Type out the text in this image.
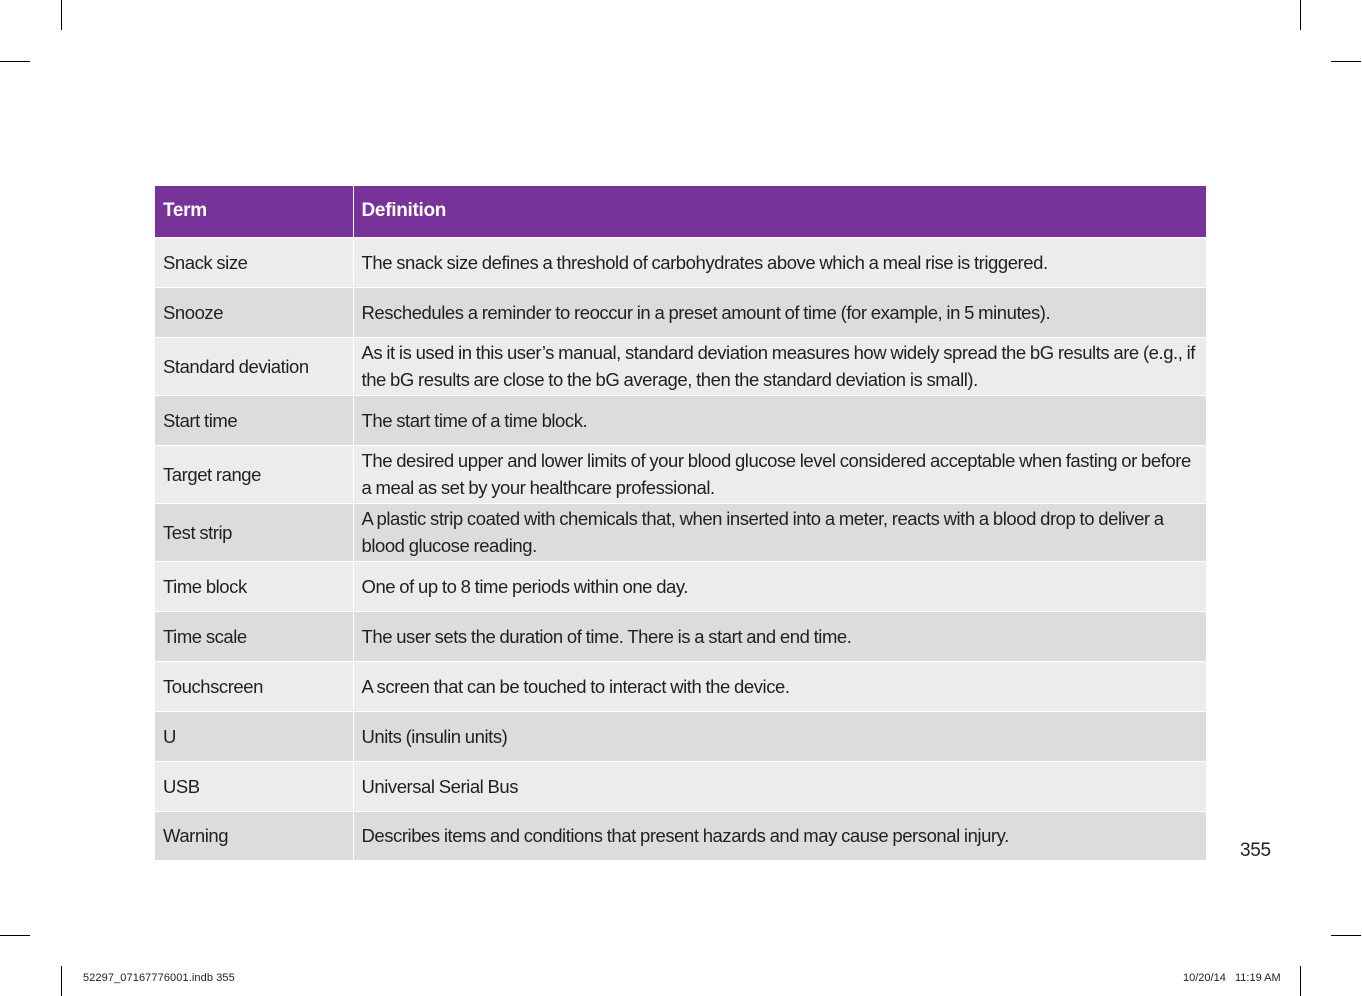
Term	Definition
Snack size	The snack size defines a threshold of carbohydrates above which a meal rise is triggered.
Snooze	Reschedules a reminder to reoccur in a preset amount of time (for example, in 5 minutes).
Standard deviation	As it is used in this user’s manual, standard deviation measures how widely spread the bG results are (e.g., if the bG results are close to the bG average, then the standard deviation is small).
Start time	The start time of a time block.
Target range	The desired upper and lower limits of your blood glucose level considered acceptable when fasting or before a meal as set by your healthcare professional.
Test strip	A plastic strip coated with chemicals that, when inserted into a meter, reacts with a blood drop to deliver a blood glucose reading.
Time block	One of up to 8 time periods within one day.
Time scale	The user sets the duration of time. There is a start and end time.
Touchscreen	A screen that can be touched to interact with the device.
U	Units (insulin units)
USB	Universal Serial Bus
Warning	Describes items and conditions that present hazards and may cause personal injury.
355
52297_07167776001.indb 355	10/20/14   11:19 AM
